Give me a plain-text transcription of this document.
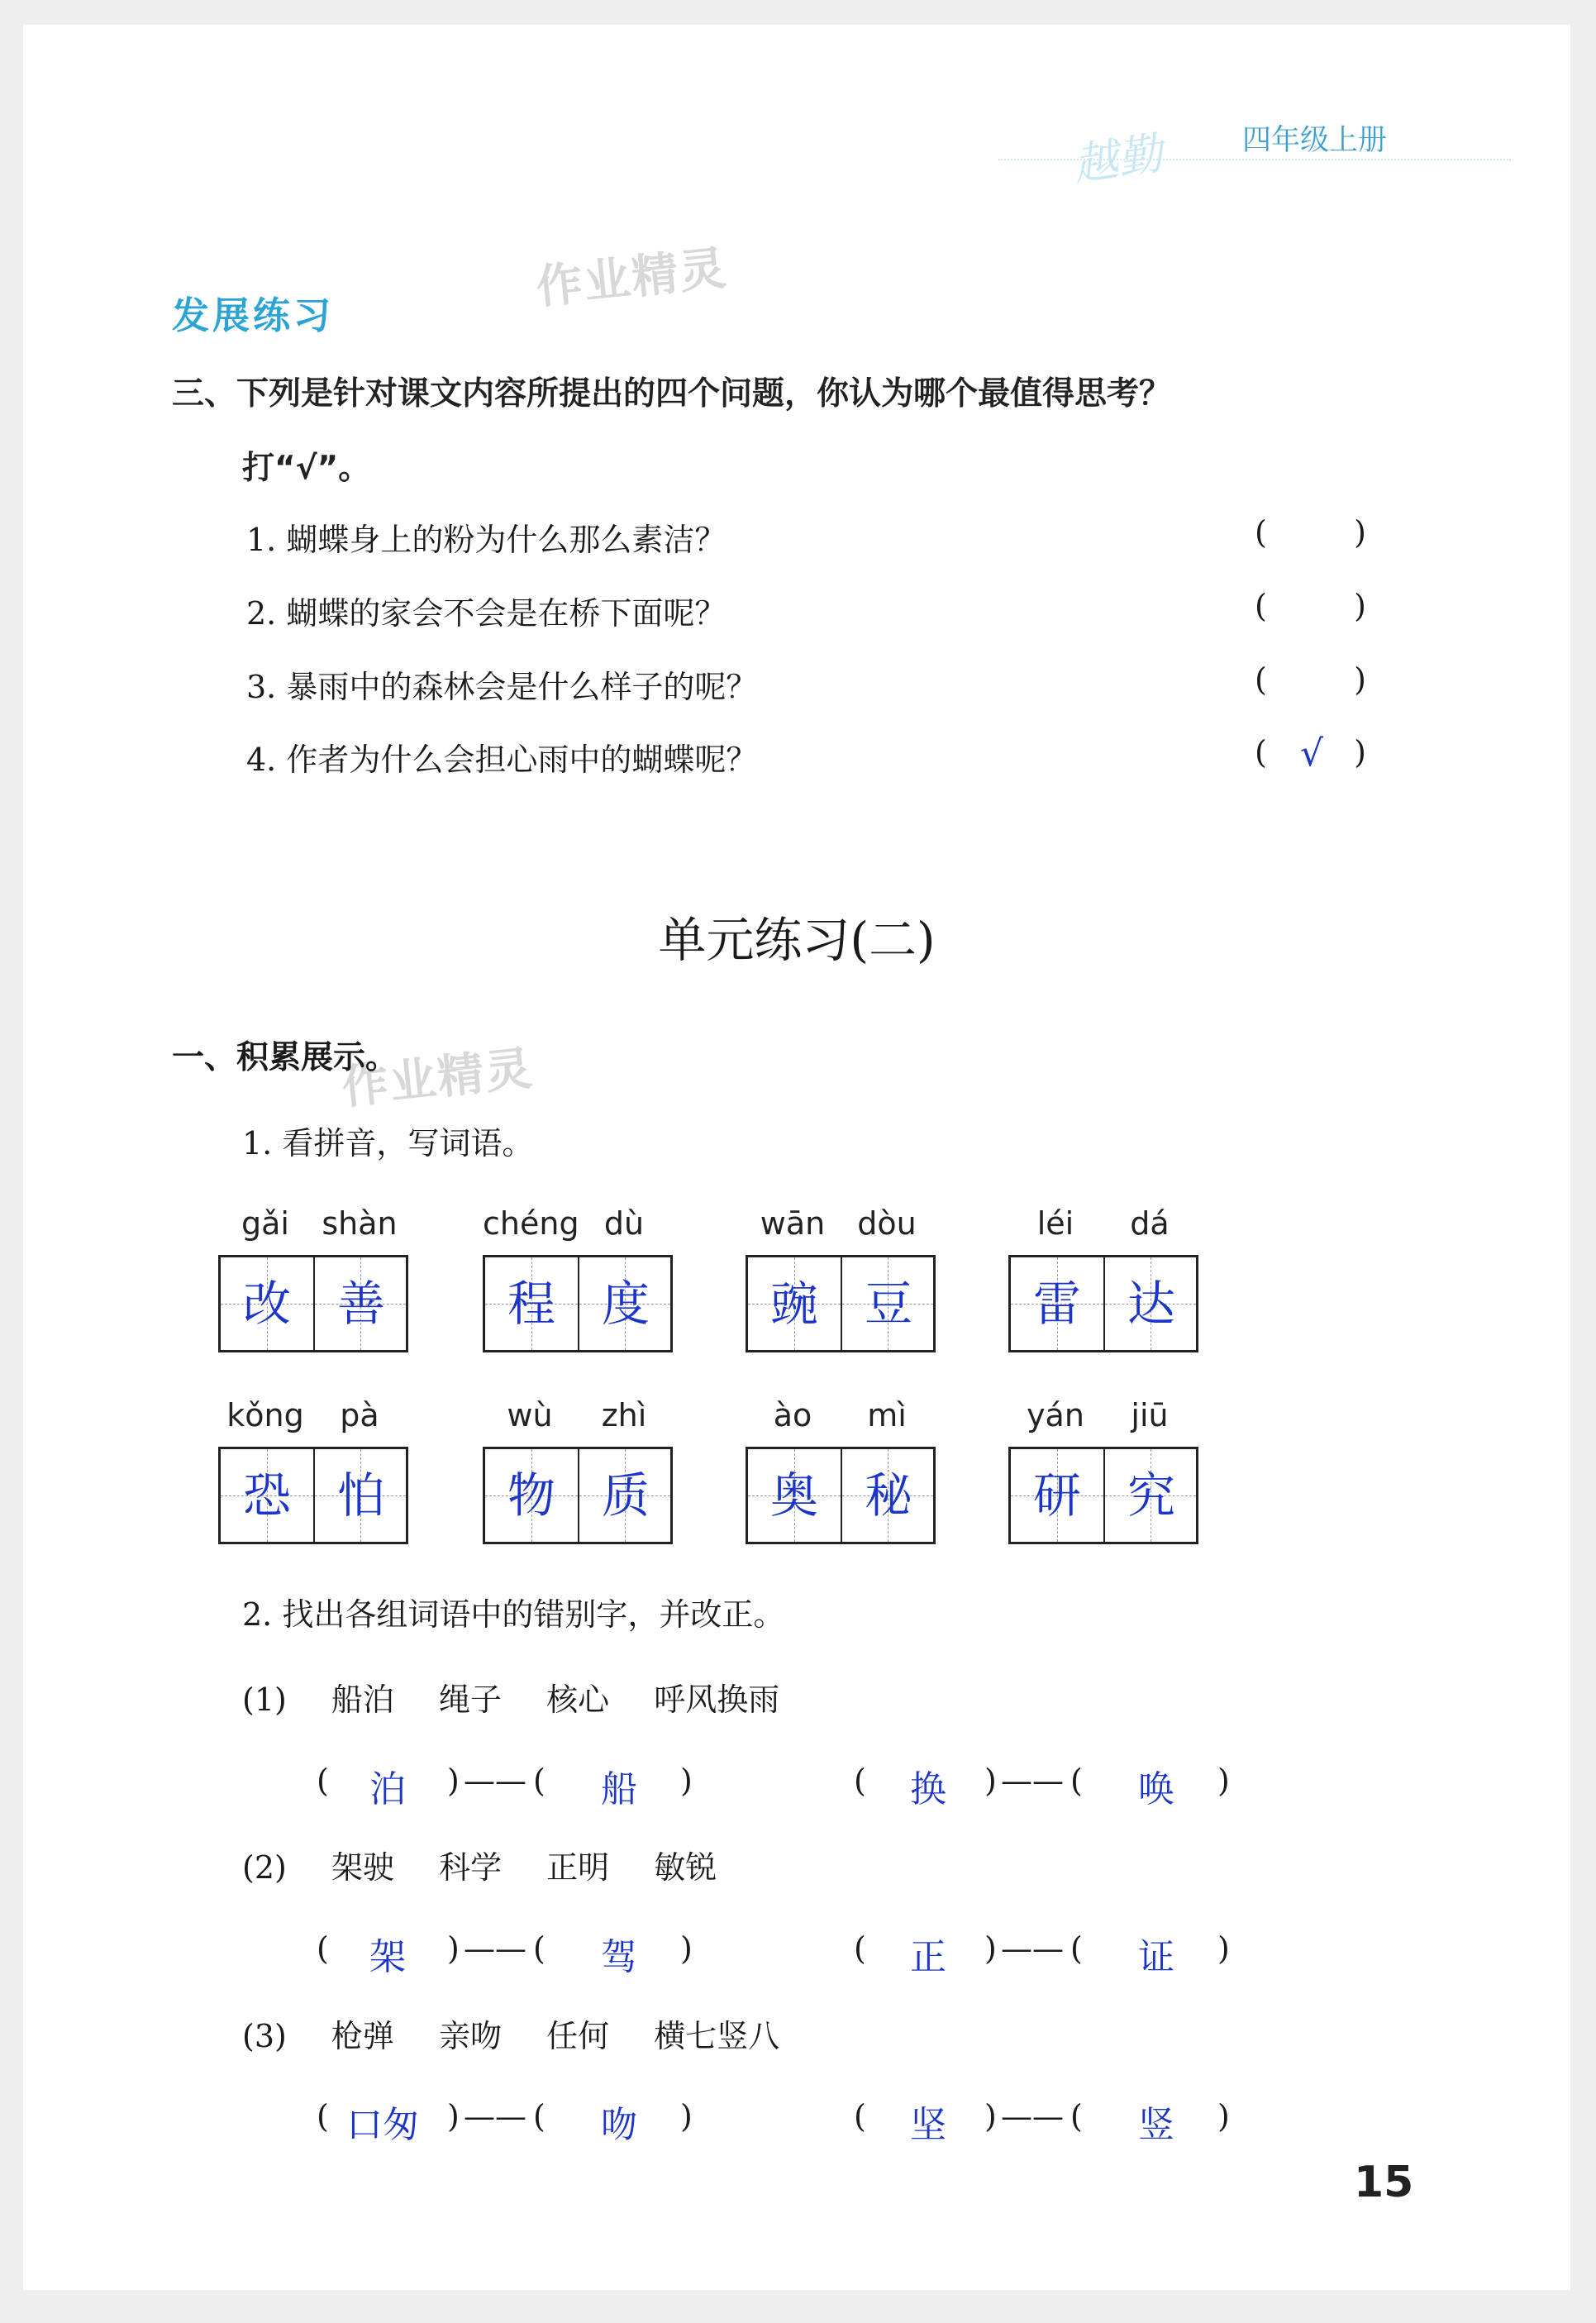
越勤	四年级上册
作业精灵
作业精灵
发展练习
三、下列是针对课文内容所提出的四个问题，你认为哪个最值得思考？
打“√”。
1. 蝴蝶身上的粉为什么那么素洁？	(	)
2. 蝴蝶的家会不会是在桥下面呢？	(	)
3. 暴雨中的森林会是什么样子的呢？	(	)
4. 作者为什么会担心雨中的蝴蝶呢？	( √ )
单元练习(二)
一、积累展示。
1. 看拼音，写词语。
gǎi	shàn
改 善
chéng dù
程 度
wān	dòu
豌 豆
léi	dá
雷 达
kǒng	pà
恐 怕
wù	zhì
物 质
ào	mì
奥 秘
yán	jiū
研 究
2. 找出各组词语中的错别字，并改正。
(1) 船泊 绳子 核心 呼风换雨
(	泊	) —— (	船	)	(	换	) —— (	唤	)
(2) 架驶 科学 正明 敏锐
(	架	) —— (	驾	)	(	正	) —— (	证	)
(3) 枪弹 亲吻 任何 横七竖八
( 口匆 ) —— (	吻	)	(	坚	) —— (	竖	)
15
